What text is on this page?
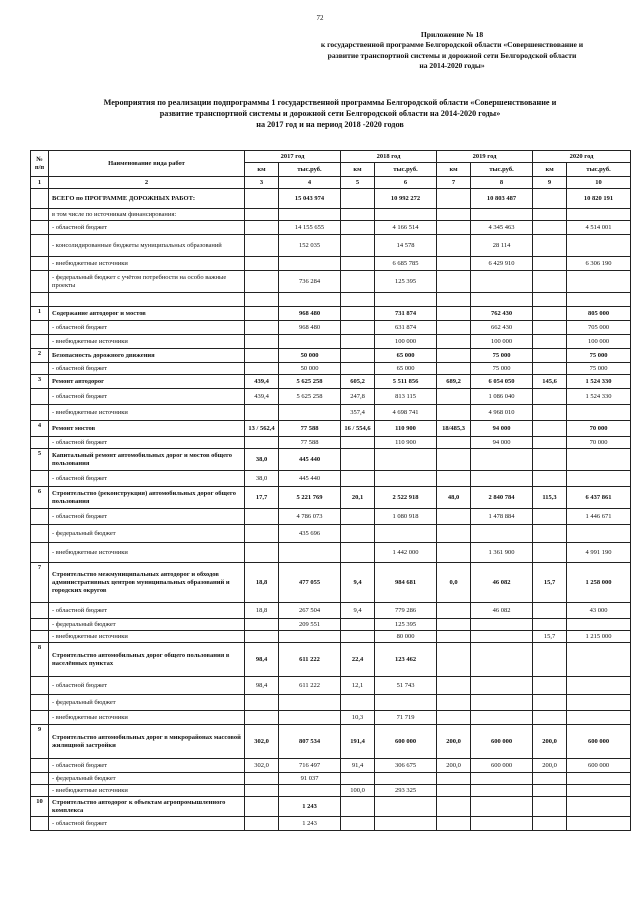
72
Приложение № 18
к государственной программе Белгородской области «Совершенствование и
развитие транспортной системы и дорожной сети Белгородской области
на 2014-2020 годы»
Мероприятия по реализации подпрограммы 1 государственной программы Белгородской области «Совершенствование и
развитие транспортной системы и дорожной сети Белгородской области на 2014-2020 годы»
на 2017 год и на период 2018 -2020 годов
№ п/п	Наименование вида работ	2017 год		2018 год		2019 год		2020 год	
		км	тыс.руб.	км	тыс.руб.	км	тыс.руб.	км	тыс.руб.
1	2	3	4	5	6	7	8	9	10
	ВСЕГО по ПРОГРАММЕ ДОРОЖНЫХ РАБОТ:		15 043 974		10 992 272		10 803 487		10 820 191
	в том числе по источникам финансирования:								
	- областной бюджет		14 155 655		4 166 514		4 345 463		4 514 001
	- консолидированные бюджеты муниципальных образований		152 035		14 578		28 114		
	- внебюджетные источники				6 685 785		6 429 910		6 306 190
	- федеральный бюджет с учётом потребности на особо важные проекты		736 284		125 395				

1	Содержание автодорог и мостов		968 480		731 874		762 430		805 000
	- областной бюджет		968 480		631 874		662 430		705 000
	- внебюджетные источники				100 000		100 000		100 000
2	Безопасность дорожного движения		50 000		65 000		75 000		75 000
	- областной бюджет		50 000		65 000		75 000		75 000
3	Ремонт автодорог	439,4	5 625 258	605,2	5 511 856	689,2	6 054 050	145,6	1 524 330
	- областной бюджет	439,4	5 625 258	247,8	813 115		1 086 040		1 524 330
	- внебюджетные источники			357,4	4 698 741		4 968 010		
4	Ремонт мостов	13 / 562,4	77 588	16 / 554,6	110 900	18/485,3	94 000		70 000
	- областной бюджет		77 588		110 900		94 000		70 000
5	Капитальный ремонт автомобильных дорог и мостов общего пользования	38,0	445 440						
	- областной бюджет	38,0	445 440						
6	Строительство (реконструкция) автомобильных дорог общего пользования	17,7	5 221 769	20,1	2 522 918	48,0	2 840 784	115,3	6 437 861
	- областной бюджет		4 786 073		1 080 918		1 478 884		1 446 671
	- федеральный бюджет		435 696						
	- внебюджетные источники				1 442 000		1 361 900		4 991 190
7	Строительство межмуниципальных автодорог и обходов административных центров муниципальных образований и городских округов	18,8	477 055	9,4	984 681	0,0	46 082	15,7	1 258 000
	- областной бюджет	18,8	267 504	9,4	779 286		46 082		43 000
	- федеральный бюджет		209 551		125 395				
	- внебюджетные источники				80 000			15,7	1 215 000
8	Строительство автомобильных дорог общего пользования в населённых пунктах	98,4	611 222	22,4	123 462				
	- областной бюджет	98,4	611 222	12,1	51 743				
	- федеральный бюджет								
	- внебюджетные источники			10,3	71 719				
9	Строительство автомобильных дорог в микрорайонах массовой жилищной застройки	302,0	807 534	191,4	600 000	200,0	600 000	200,0	600 000
	- областной бюджет	302,0	716 497	91,4	306 675	200,0	600 000	200,0	600 000
	- федеральный бюджет		91 037						
	- внебюджетные источники			100,0	293 325				
10	Строительство автодорог к объектам агропромышленного комплекса		1 243						
	- областной бюджет		1 243						
